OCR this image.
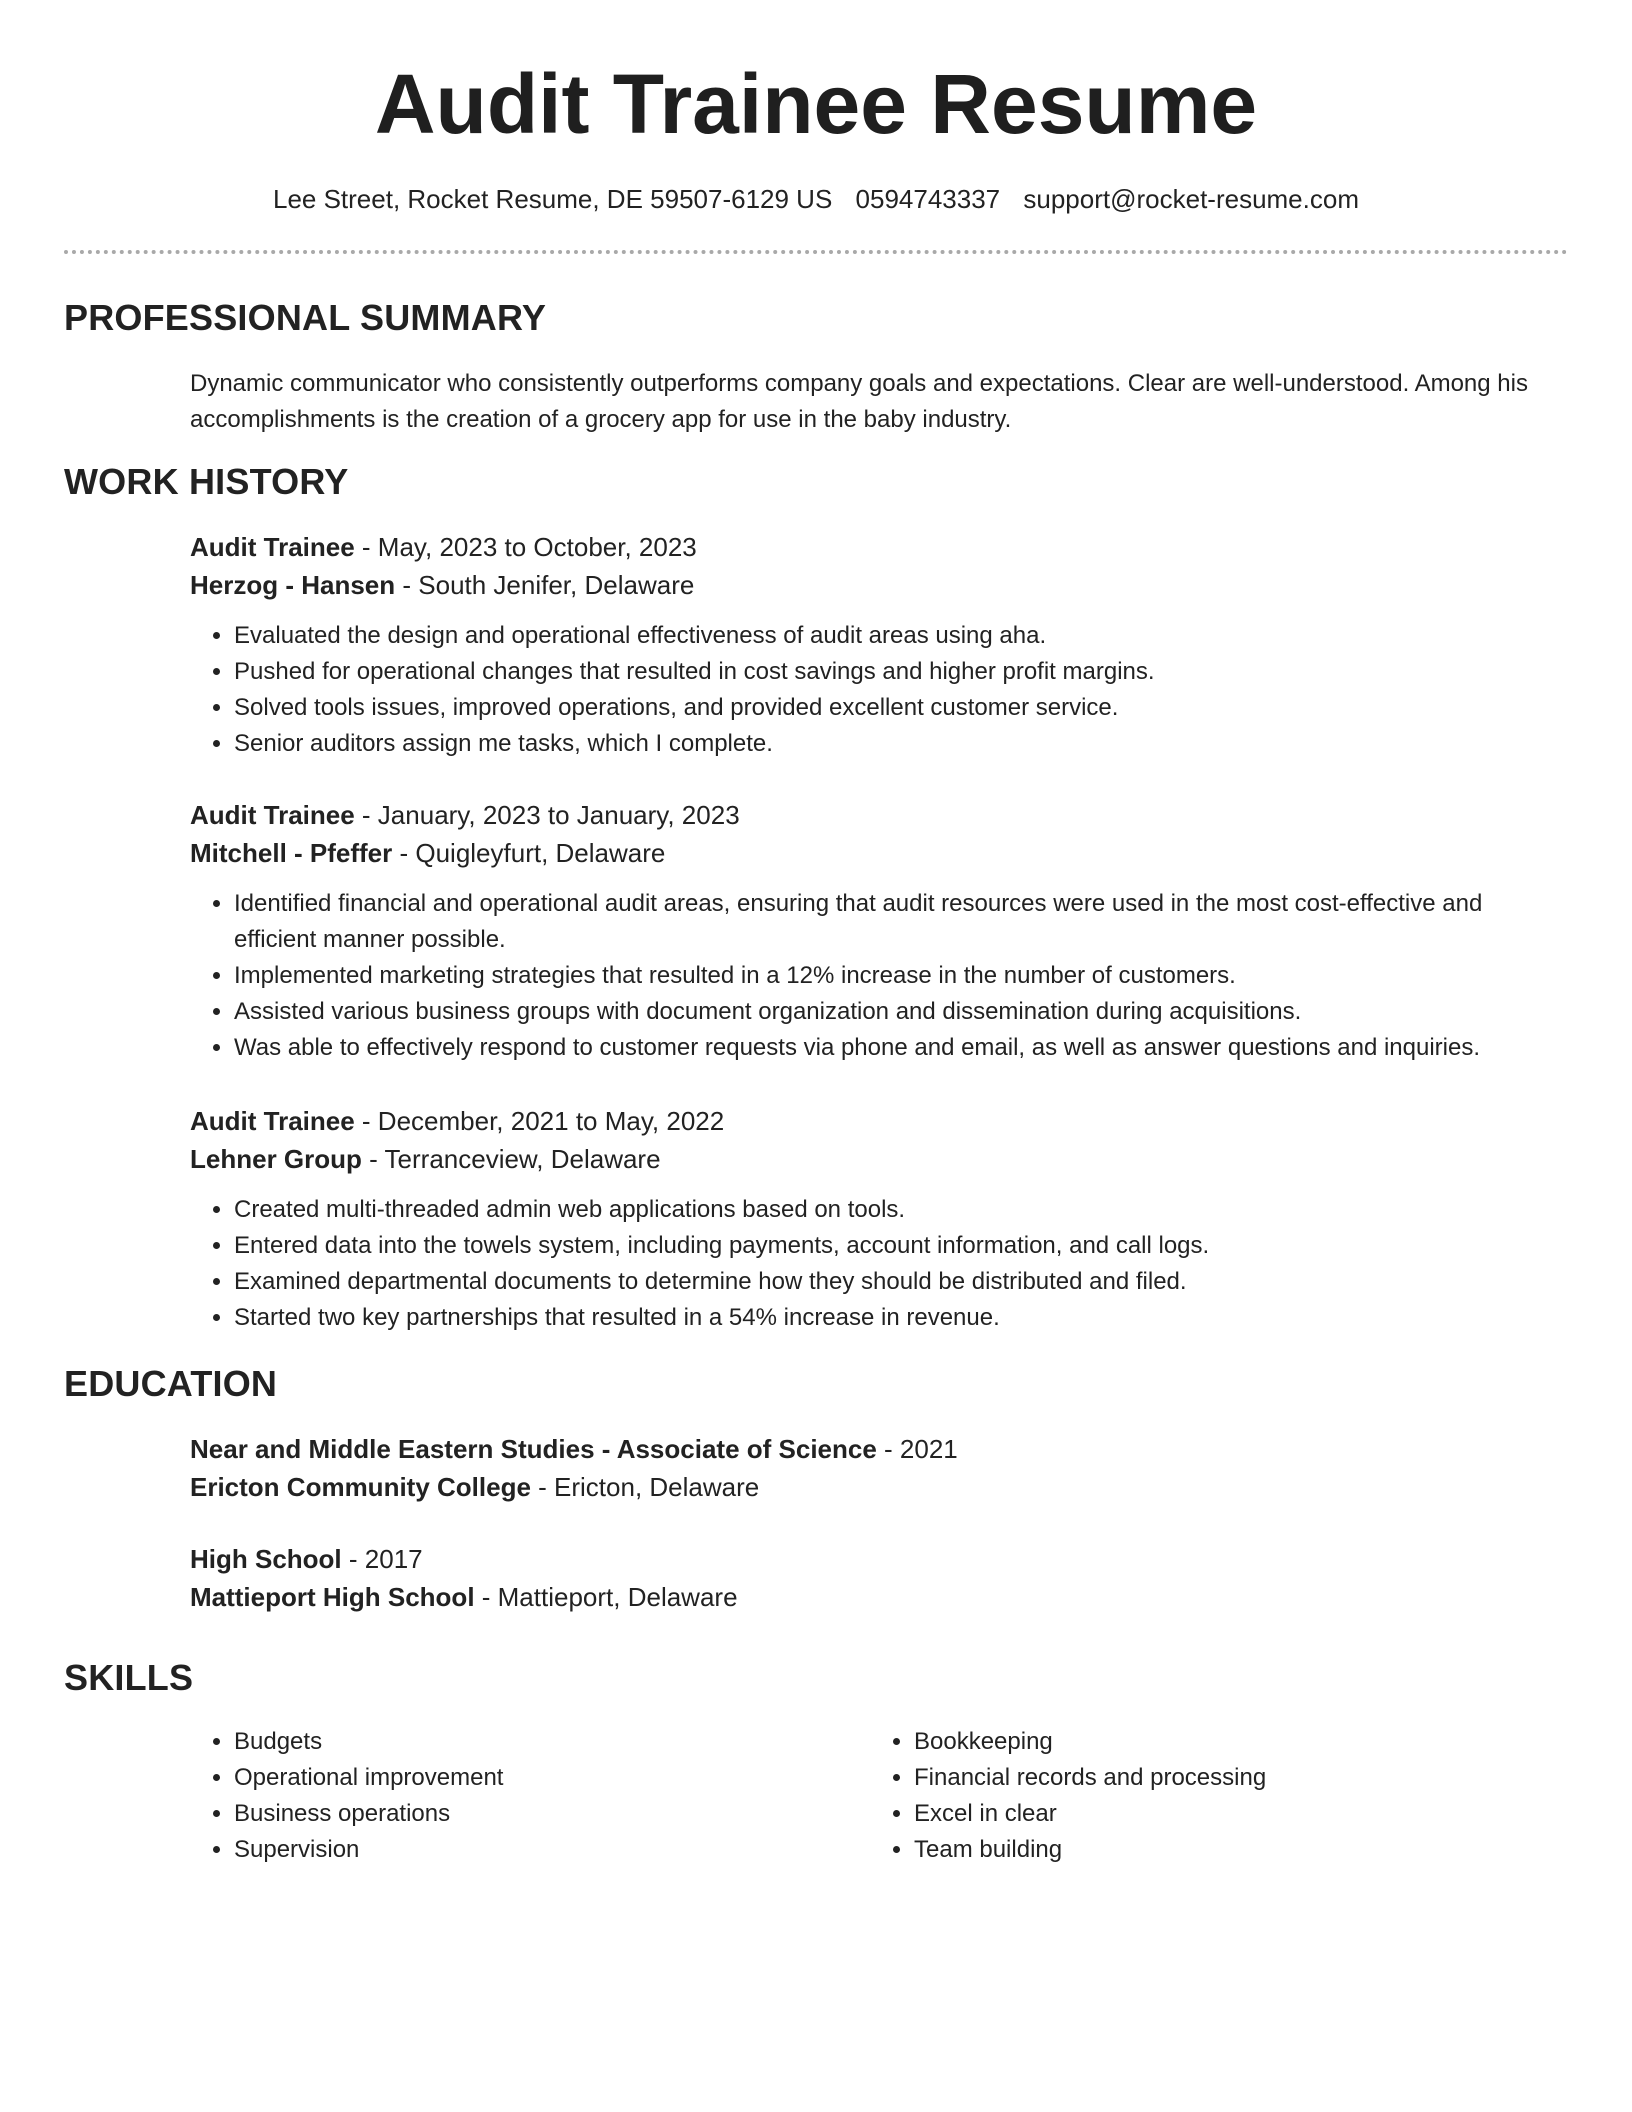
Audit Trainee Resume
Lee Street, Rocket Resume, DE 59507-6129 US 0594743337 support@rocket-resume.com
PROFESSIONAL SUMMARY

Dynamic communicator who consistently outperforms company goals and expectations. Clear are well-understood. Among his accomplishments is the creation of a grocery app for use in the baby industry.

WORK HISTORY
Audit Trainee - May, 2023 to October, 2023
Herzog - Hansen - South Jenifer, Delaware
• Evaluated the design and operational effectiveness of audit areas using aha.
• Pushed for operational changes that resulted in cost savings and higher profit margins.
• Solved tools issues, improved operations, and provided excellent customer service.
• Senior auditors assign me tasks, which I complete.
Audit Trainee - January, 2023 to January, 2023
Mitchell - Pfeffer - Quigleyfurt, Delaware
• Identified financial and operational audit areas, ensuring that audit resources were used in the most cost-effective and efficient manner possible.
• Implemented marketing strategies that resulted in a 12% increase in the number of customers.
• Assisted various business groups with document organization and dissemination during acquisitions.
• Was able to effectively respond to customer requests via phone and email, as well as answer questions and inquiries.
Audit Trainee - December, 2021 to May, 2022
Lehner Group - Terranceview, Delaware
• Created multi-threaded admin web applications based on tools.
• Entered data into the towels system, including payments, account information, and call logs.
• Examined departmental documents to determine how they should be distributed and filed.
• Started two key partnerships that resulted in a 54% increase in revenue.
EDUCATION
Near and Middle Eastern Studies - Associate of Science - 2021
Ericton Community College - Ericton, Delaware
High School - 2017
Mattieport High School - Mattieport, Delaware
SKILLS
• Budgets
• Operational improvement
• Business operations
• Supervision
• Bookkeeping
• Financial records and processing
• Excel in clear
• Team building
